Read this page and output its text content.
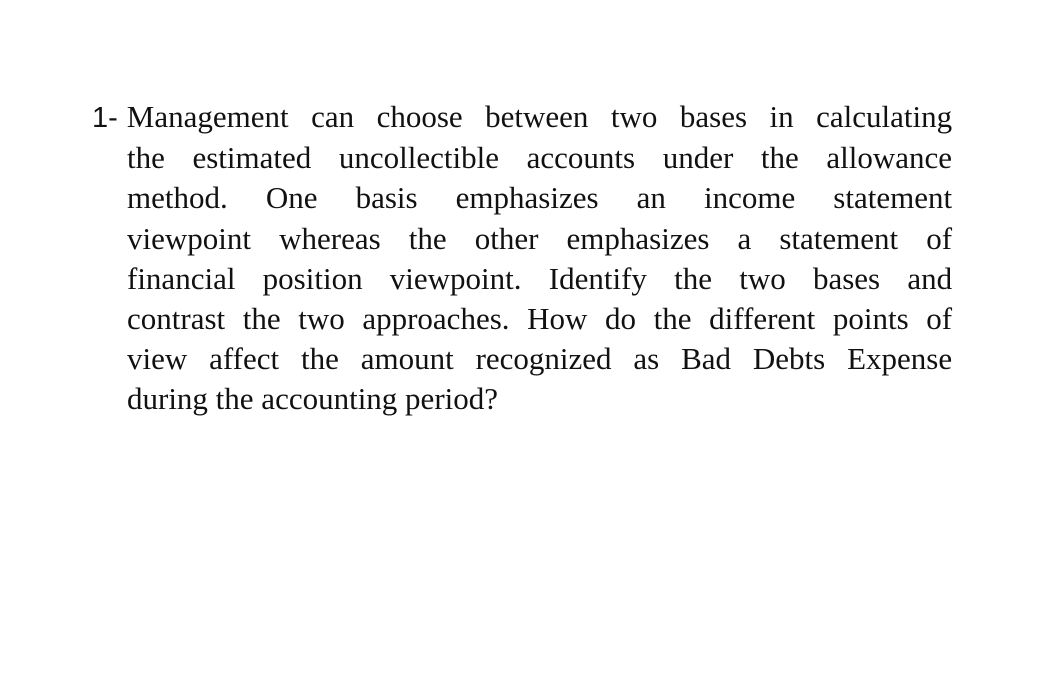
1- Management can choose between two bases in calculating
the estimated uncollectible accounts under the allowance
method. One basis emphasizes an income statement
viewpoint whereas the other emphasizes a statement of
financial position viewpoint. Identify the two bases and
contrast the two approaches. How do the different points of
view affect the amount recognized as Bad Debts Expense
during the accounting period?
